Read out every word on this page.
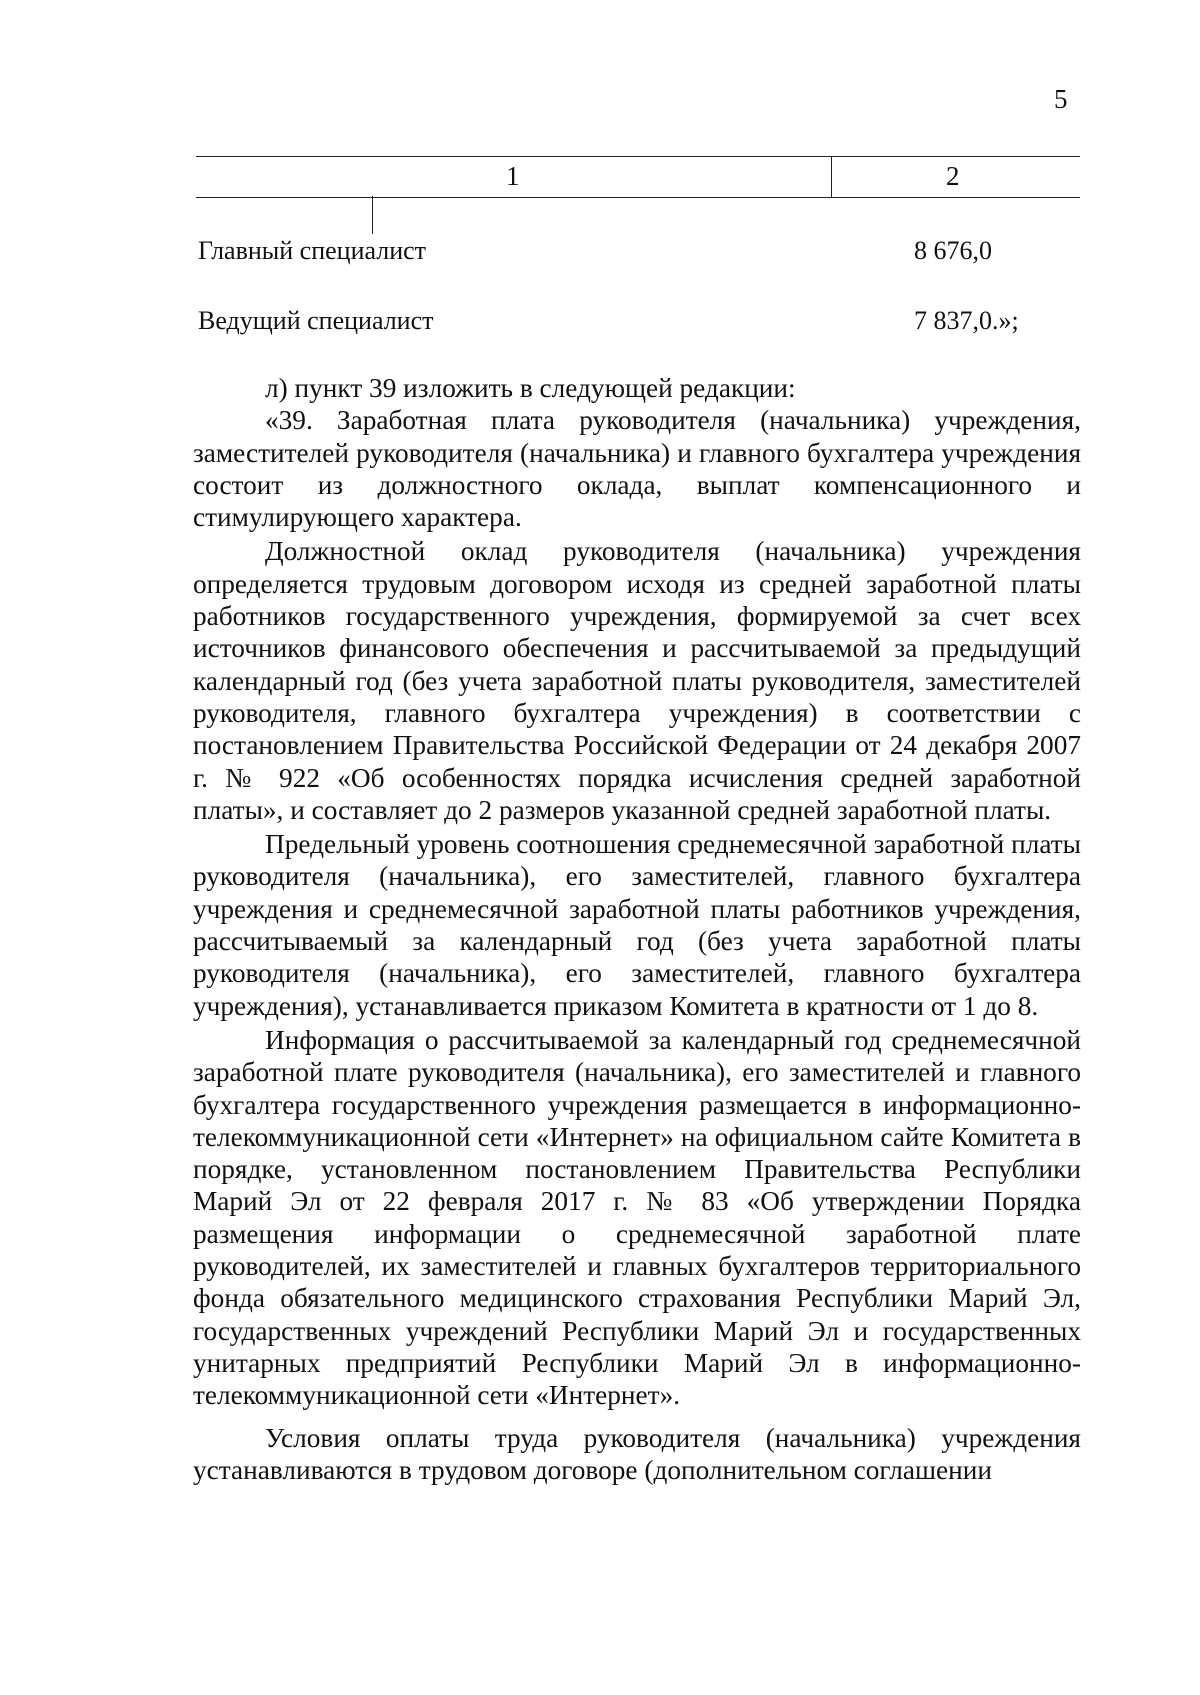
5
1	2
Главный специалист	8 676,0
Ведущий специалист	7 837,0.»;

л) пункт 39 изложить в следующей редакции:

«39. Заработная плата руководителя (начальника) учреждения, заместителей руководителя (начальника) и главного бухгалтера учреждения состоит из должностного оклада, выплат компенсационного и стимулирующего характера.

Должностной оклад руководителя (начальника) учреждения определяется трудовым договором исходя из средней заработной платы работников государственного учреждения, формируемой за счет всех источников финансового обеспечения и рассчитываемой за предыдущий календарный год (без учета заработной платы руководителя, заместителей руководителя, главного бухгалтера учреждения) в соответствии с постановлением Правительства Российской Федерации от 24 декабря 2007 г. № 922 «Об особенностях порядка исчисления средней заработной платы», и составляет до 2 размеров указанной средней заработной платы.

Предельный уровень соотношения среднемесячной заработной платы руководителя (начальника), его заместителей, главного бухгалтера учреждения и среднемесячной заработной платы работников учреждения, рассчитываемый за календарный год (без учета заработной платы руководителя (начальника), его заместителей, главного бухгалтера учреждения), устанавливается приказом Комитета в кратности от 1 до 8.

Информация о рассчитываемой за календарный год среднемесячной заработной плате руководителя (начальника), его заместителей и главного бухгалтера государственного учреждения размещается в информационно-телекоммуникационной сети «Интернет» на официальном сайте Комитета в порядке, установленном постановлением Правительства Республики Марий Эл от 22 февраля 2017 г. № 83 «Об утверждении Порядка размещения информации о среднемесячной заработной плате руководителей, их заместителей и главных бухгалтеров территориального фонда обязательного медицинского страхования Республики Марий Эл, государственных учреждений Республики Марий Эл и государственных унитарных предприятий Республики Марий Эл в информационно-телекоммуникационной сети «Интернет».

Условия оплаты труда руководителя (начальника) учреждения устанавливаются в трудовом договоре (дополнительном соглашении
